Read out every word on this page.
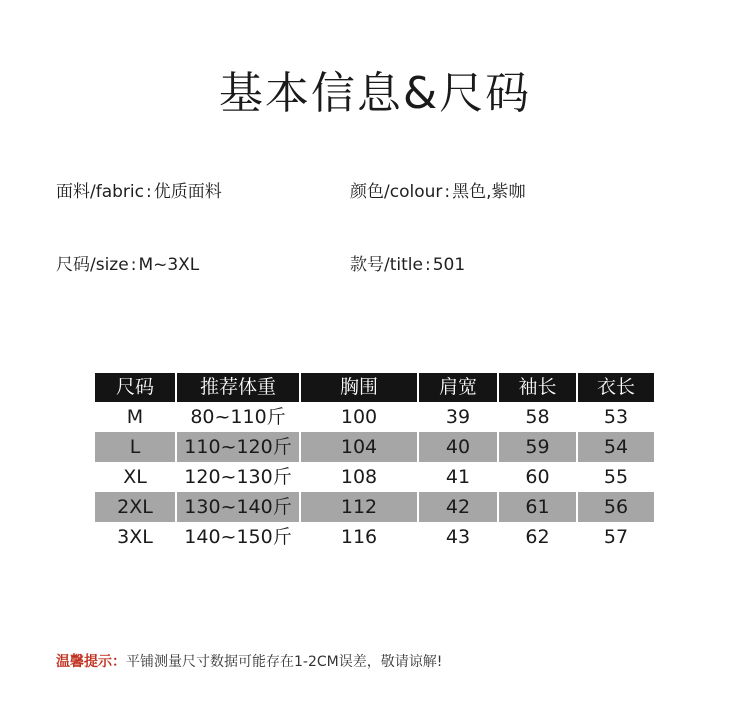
基本信息&尺码
面料/fabric : 优质面料	颜色/colour : 黑色,紫咖
尺码/size : M~3XL	款号/title : 501
尺码	推荐体重	胸围	肩宽	袖长	衣长
M	80~110斤	100	39	58	53
L	110~120斤	104	40	59	54
XL	120~130斤	108	41	60	55
2XL	130~140斤	112	42	61	56
3XL	140~150斤	116	43	62	57
温馨提示：平铺测量尺寸数据可能存在1-2CM误差，敬请谅解!
